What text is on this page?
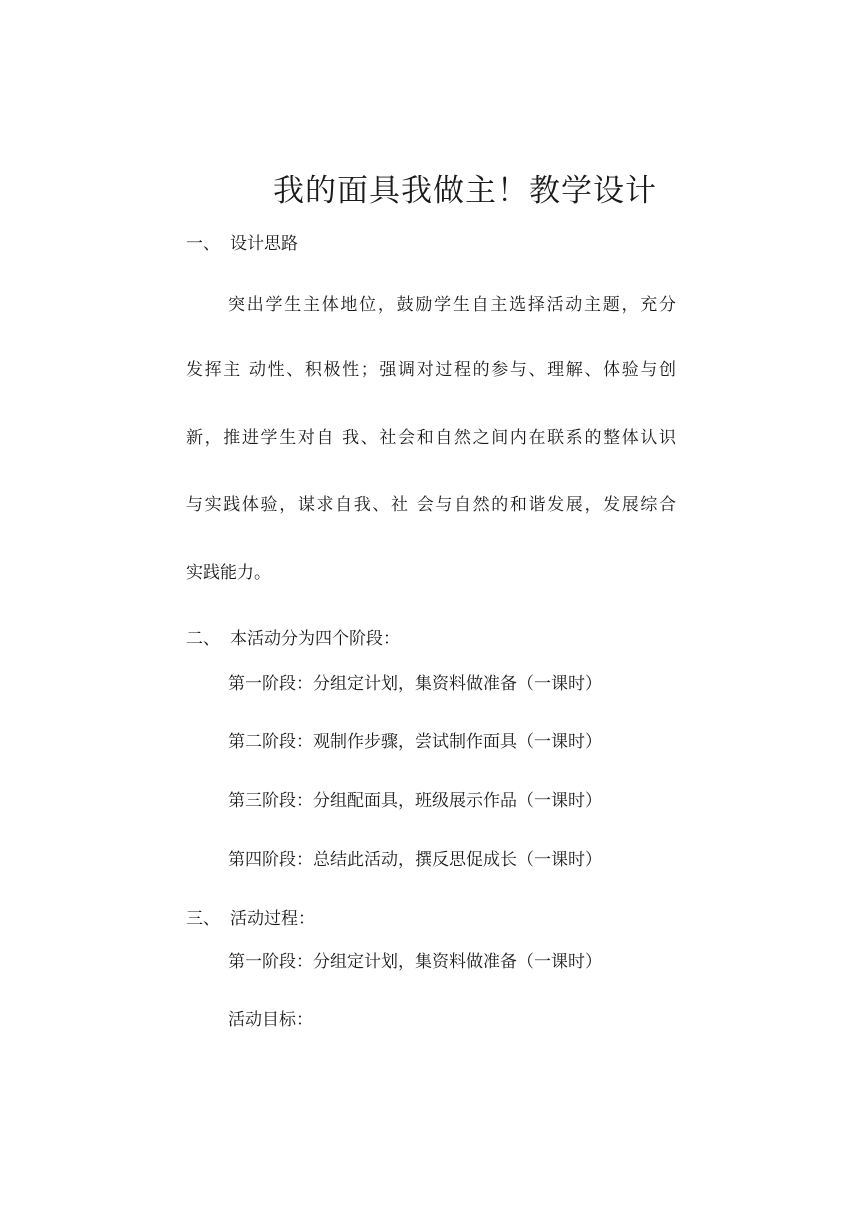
我的面具我做主！教学设计
一、 设计思路
突出学生主体地位，鼓励学生自主选择活动主题，充分
发挥主 动性、积极性；强调对过程的参与、理解、体验与创
新，推进学生对自 我、社会和自然之间内在联系的整体认识
与实践体验，谋求自我、社 会与自然的和谐发展，发展综合
实践能力。
二、 本活动分为四个阶段：
第一阶段：分组定计划，集资料做准备（一课时）
第二阶段：观制作步骤，尝试制作面具（一课时）
第三阶段：分组配面具，班级展示作品（一课时）
第四阶段：总结此活动，撰反思促成长（一课时）
三、 活动过程：
第一阶段：分组定计划，集资料做准备（一课时）
活动目标：
